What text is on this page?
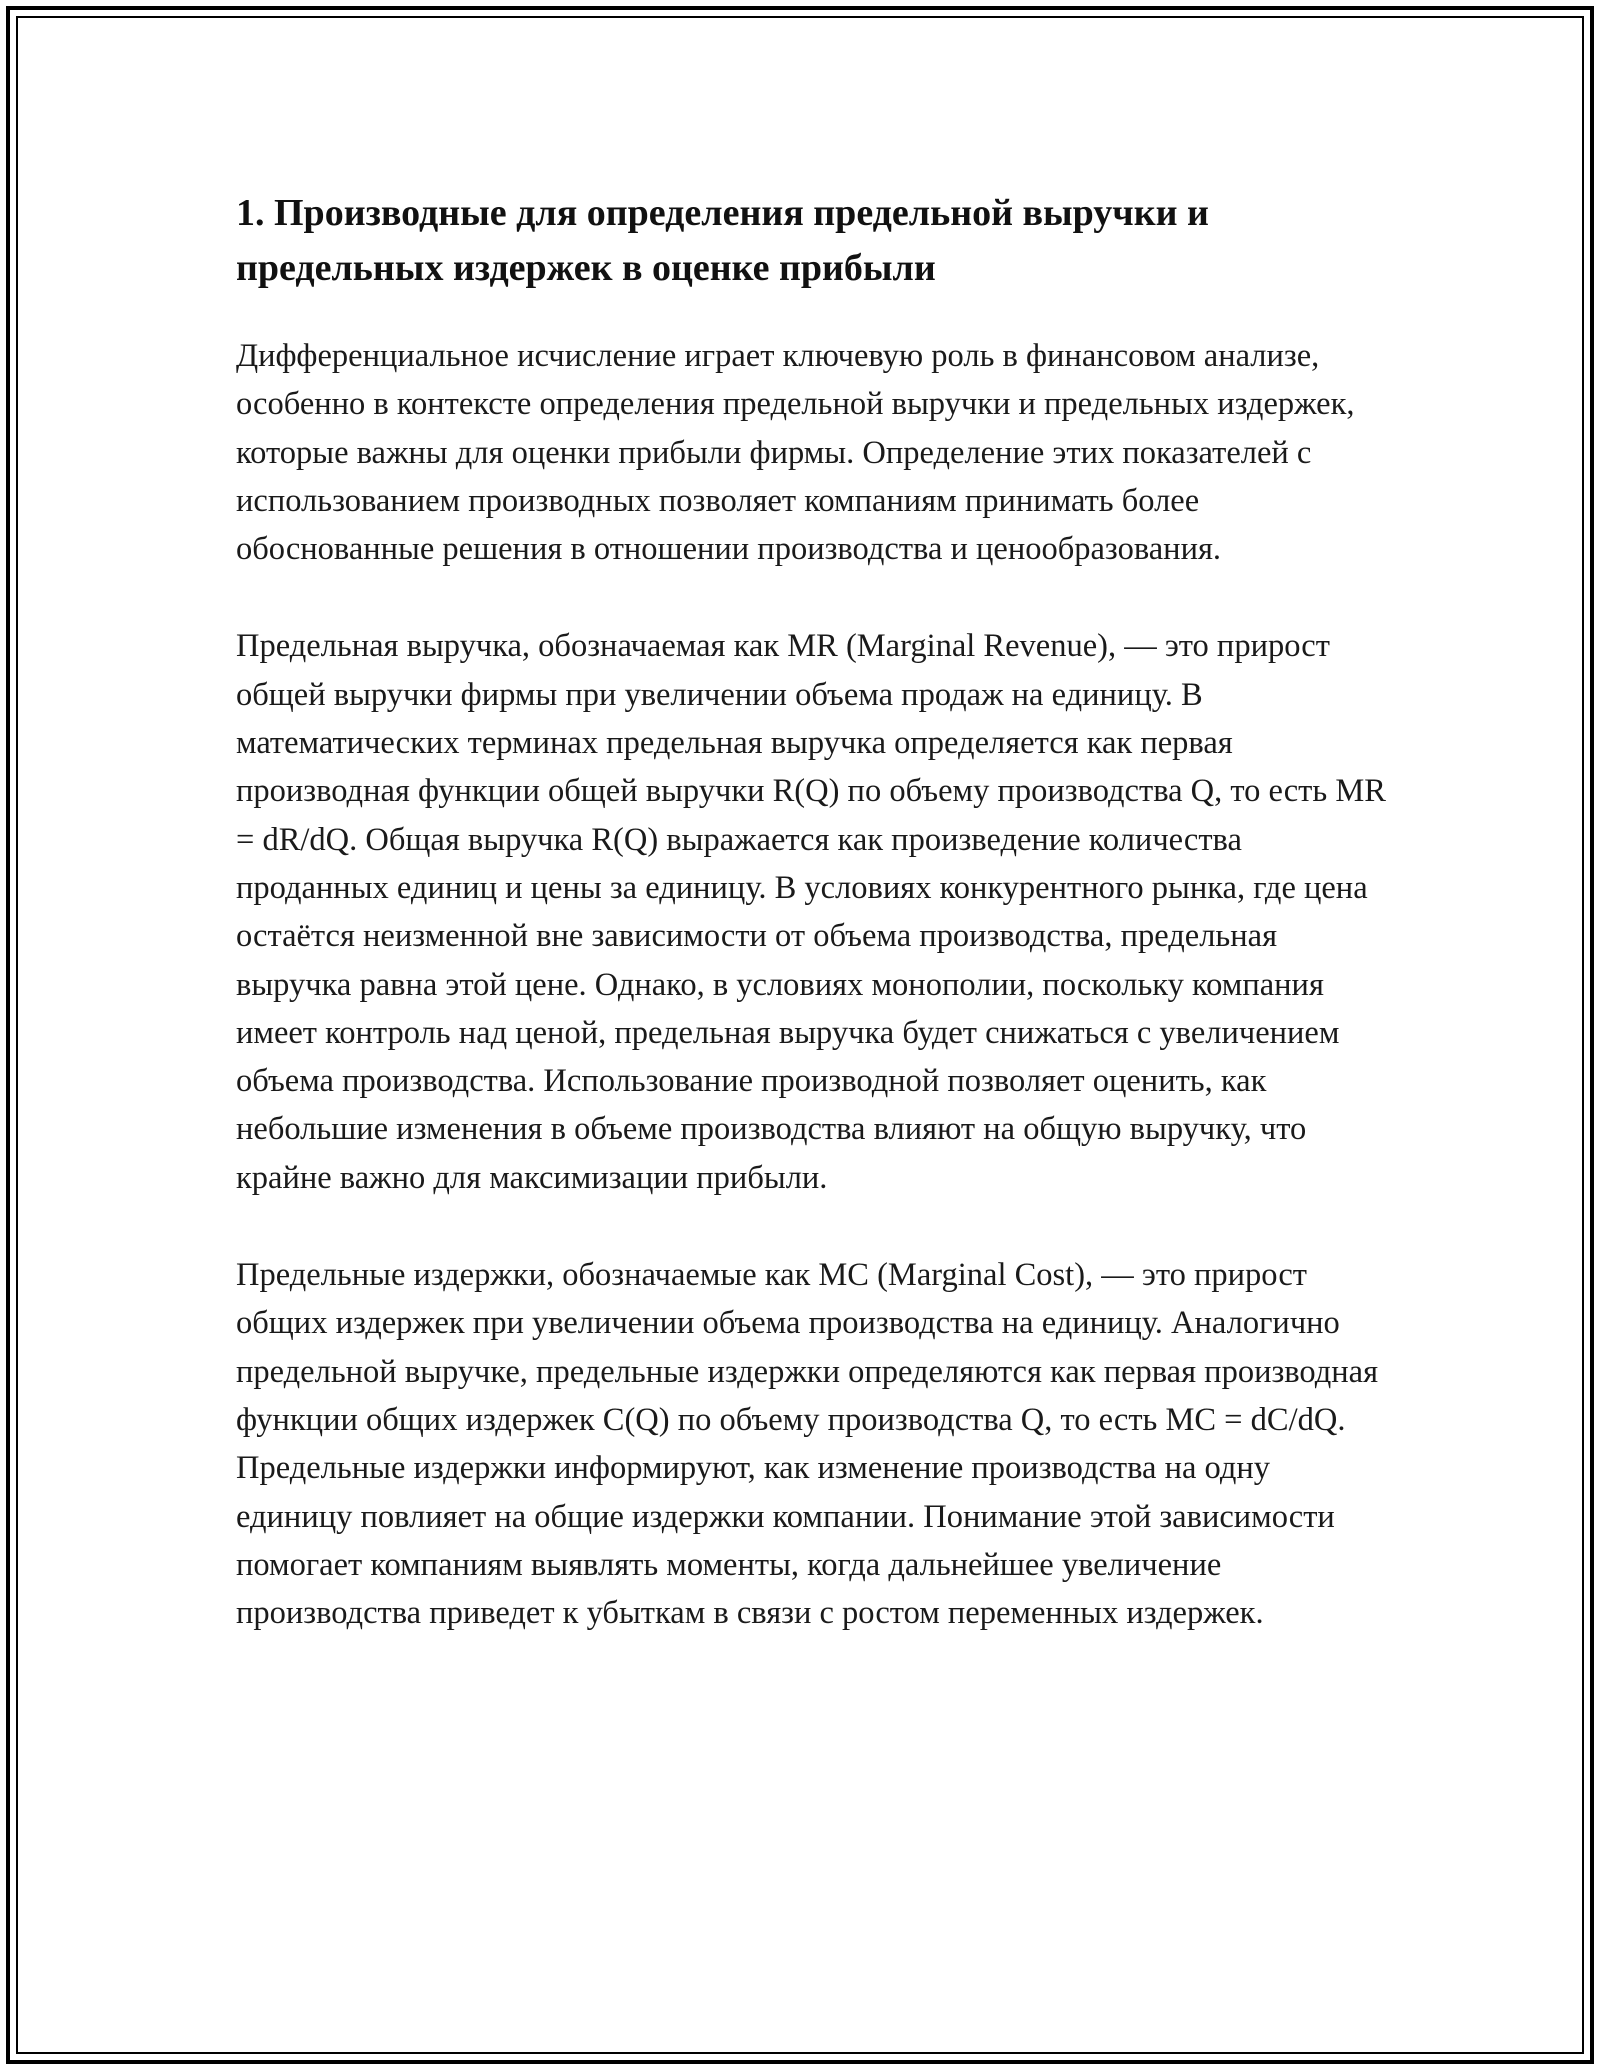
1. Производные для определения предельной выручки и предельных издержек в оценке прибыли

Дифференциальное исчисление играет ключевую роль в финансовом анализе, особенно в контексте определения предельной выручки и предельных издержек, которые важны для оценки прибыли фирмы. Определение этих показателей с использованием производных позволяет компаниям принимать более обоснованные решения в отношении производства и ценообразования.

Предельная выручка, обозначаемая как MR (Marginal Revenue), — это прирост общей выручки фирмы при увеличении объема продаж на единицу. В математических терминах предельная выручка определяется как первая производная функции общей выручки R(Q) по объему производства Q, то есть MR = dR/dQ. Общая выручка R(Q) выражается как произведение количества проданных единиц и цены за единицу. В условиях конкурентного рынка, где цена остаётся неизменной вне зависимости от объема производства, предельная выручка равна этой цене. Однако, в условиях монополии, поскольку компания имеет контроль над ценой, предельная выручка будет снижаться с увеличением объема производства. Использование производной позволяет оценить, как небольшие изменения в объеме производства влияют на общую выручку, что крайне важно для максимизации прибыли.

Предельные издержки, обозначаемые как MC (Marginal Cost), — это прирост общих издержек при увеличении объема производства на единицу. Аналогично предельной выручке, предельные издержки определяются как первая производная функции общих издержек C(Q) по объему производства Q, то есть MC = dC/dQ. Предельные издержки информируют, как изменение производства на одну единицу повлияет на общие издержки компании. Понимание этой зависимости помогает компаниям выявлять моменты, когда дальнейшее увеличение производства приведет к убыткам в связи с ростом переменных издержек.
